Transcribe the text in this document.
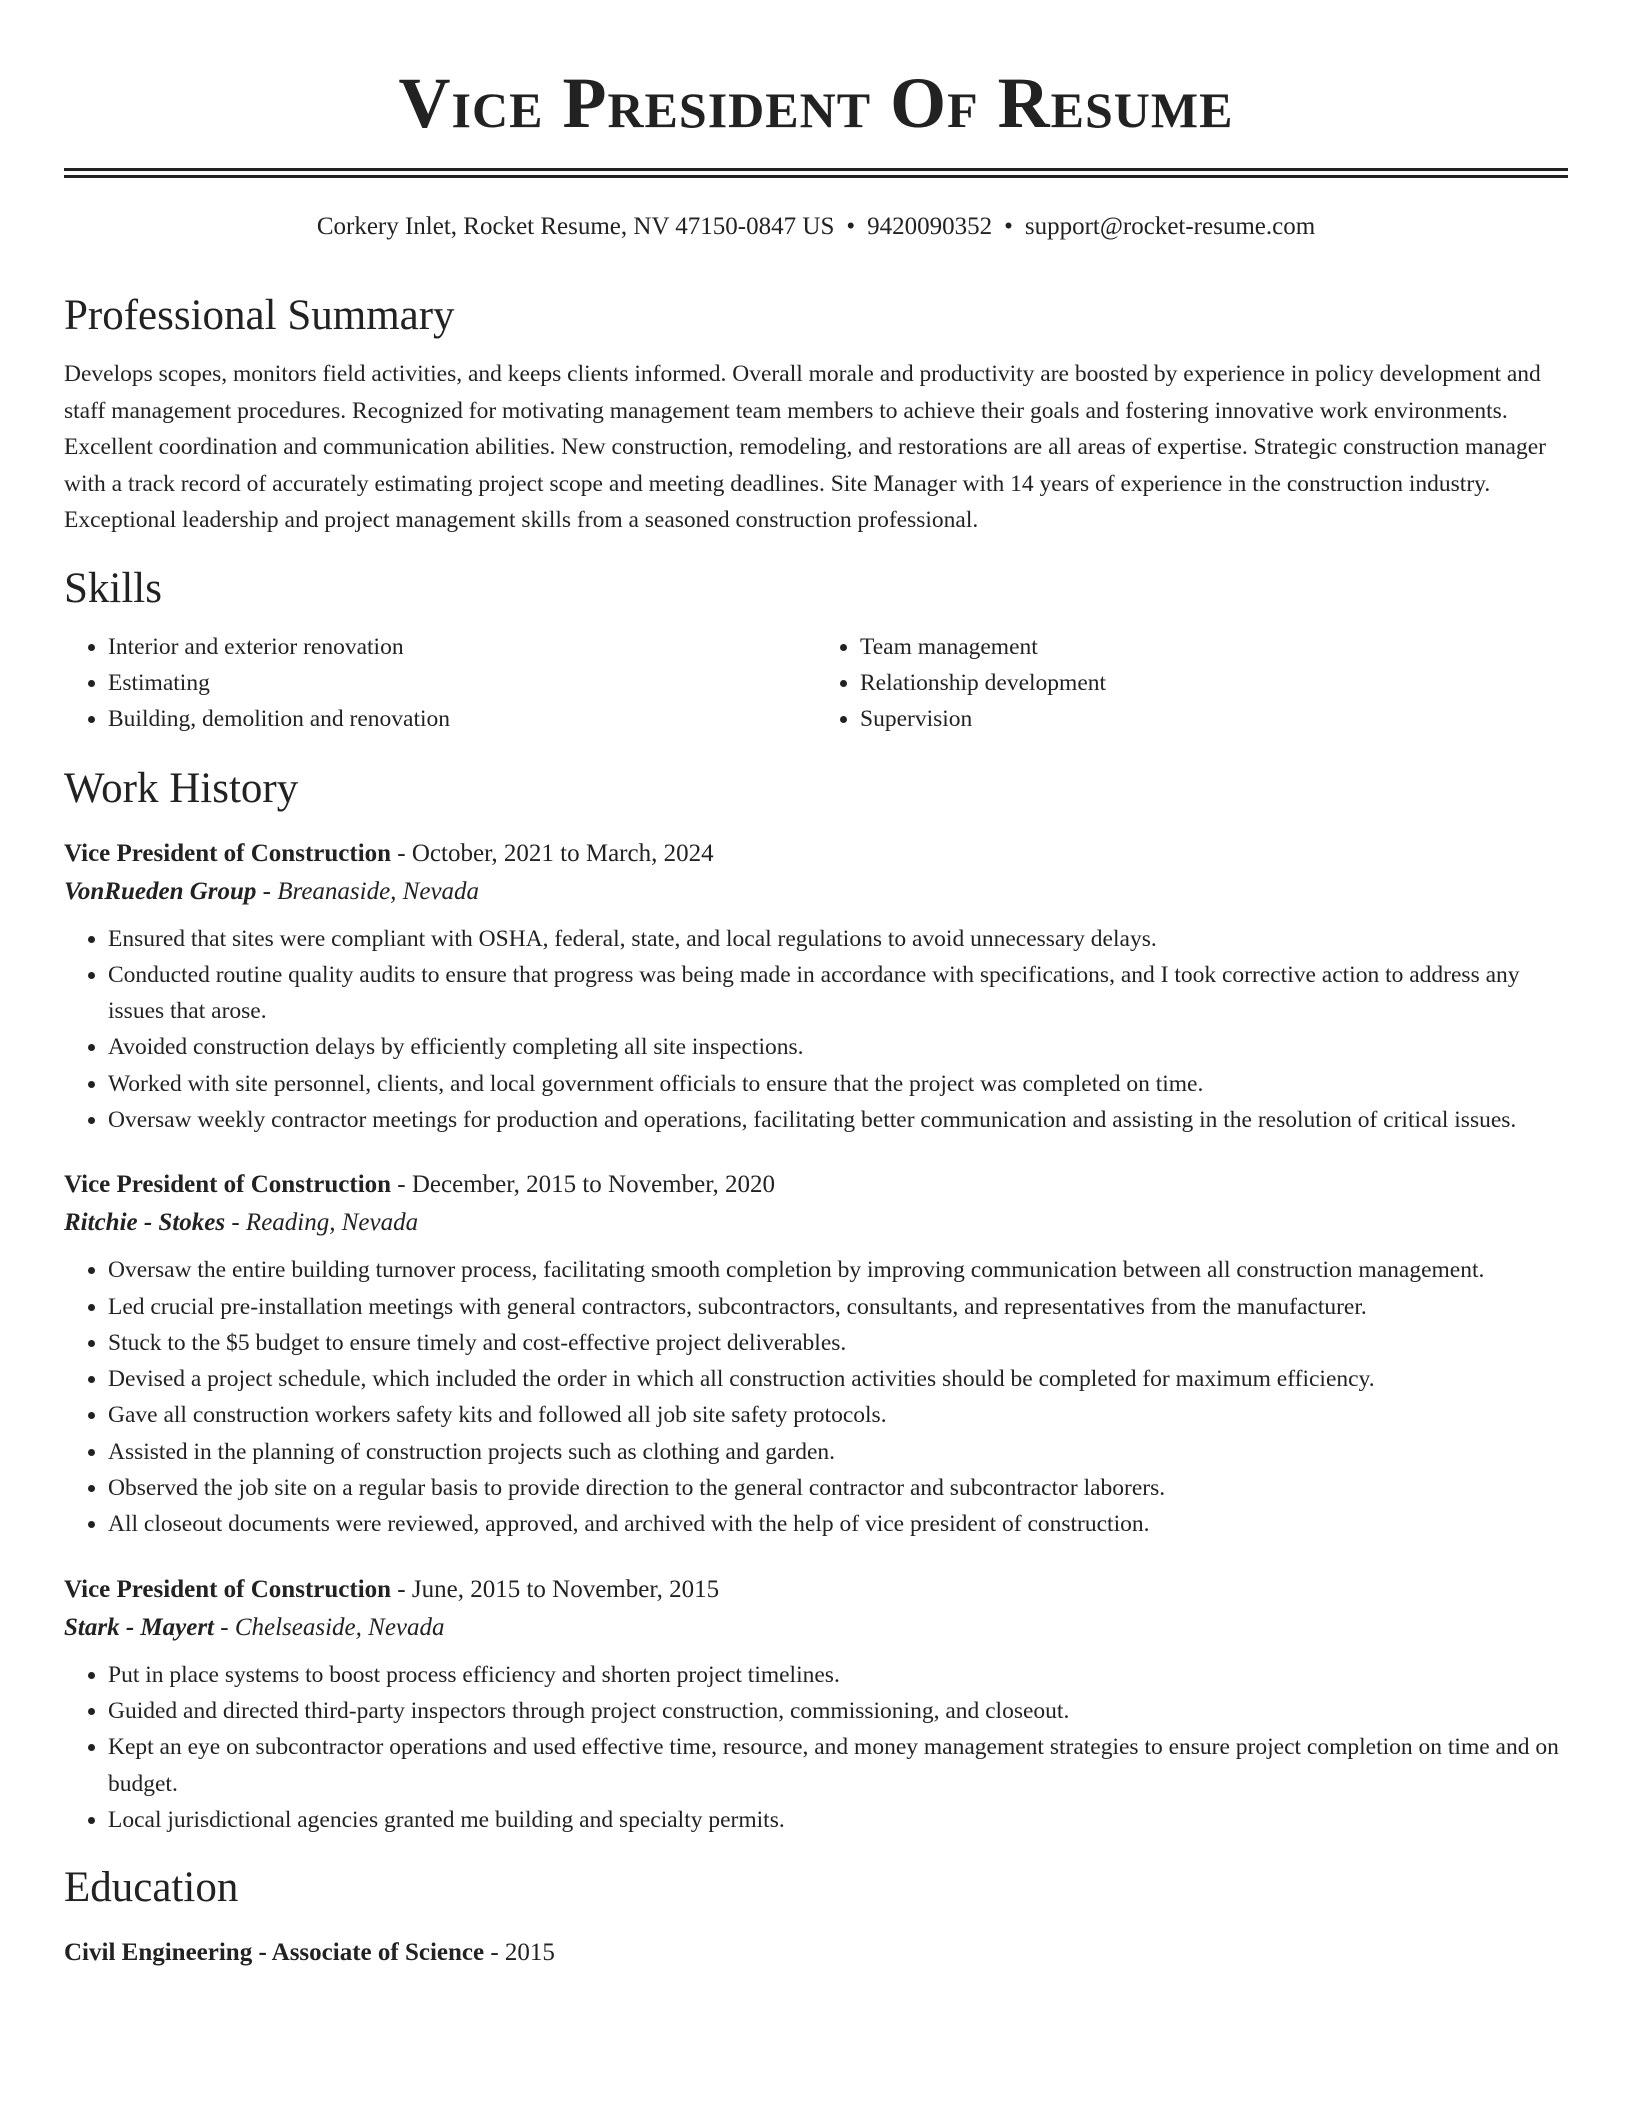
Vice President Of Resume
Corkery Inlet, Rocket Resume, NV 47150-0847 US • 9420090352 • support@rocket-resume.com
Professional Summary

Develops scopes, monitors field activities, and keeps clients informed. Overall morale and productivity are boosted by experience in policy development and staff management procedures. Recognized for motivating management team members to achieve their goals and fostering innovative work environments. Excellent coordination and communication abilities. New construction, remodeling, and restorations are all areas of expertise. Strategic construction manager with a track record of accurately estimating project scope and meeting deadlines. Site Manager with 14 years of experience in the construction industry. Exceptional leadership and project management skills from a seasoned construction professional.

Skills
• Interior and exterior renovation
• Estimating
• Building, demolition and renovation
• Team management
• Relationship development
• Supervision
Work History
Vice President of Construction - October, 2021 to March, 2024
VonRueden Group - Breanaside, Nevada
• Ensured that sites were compliant with OSHA, federal, state, and local regulations to avoid unnecessary delays.
• Conducted routine quality audits to ensure that progress was being made in accordance with specifications, and I took corrective action to address any issues that arose.
• Avoided construction delays by efficiently completing all site inspections.
• Worked with site personnel, clients, and local government officials to ensure that the project was completed on time.
• Oversaw weekly contractor meetings for production and operations, facilitating better communication and assisting in the resolution of critical issues.
Vice President of Construction - December, 2015 to November, 2020
Ritchie - Stokes - Reading, Nevada
• Oversaw the entire building turnover process, facilitating smooth completion by improving communication between all construction management.
• Led crucial pre-installation meetings with general contractors, subcontractors, consultants, and representatives from the manufacturer.
• Stuck to the $5 budget to ensure timely and cost-effective project deliverables.
• Devised a project schedule, which included the order in which all construction activities should be completed for maximum efficiency.
• Gave all construction workers safety kits and followed all job site safety protocols.
• Assisted in the planning of construction projects such as clothing and garden.
• Observed the job site on a regular basis to provide direction to the general contractor and subcontractor laborers.
• All closeout documents were reviewed, approved, and archived with the help of vice president of construction.
Vice President of Construction - June, 2015 to November, 2015
Stark - Mayert - Chelseaside, Nevada
• Put in place systems to boost process efficiency and shorten project timelines.
• Guided and directed third-party inspectors through project construction, commissioning, and closeout.
• Kept an eye on subcontractor operations and used effective time, resource, and money management strategies to ensure project completion on time and on budget.
• Local jurisdictional agencies granted me building and specialty permits.
Education
Civil Engineering - Associate of Science - 2015
